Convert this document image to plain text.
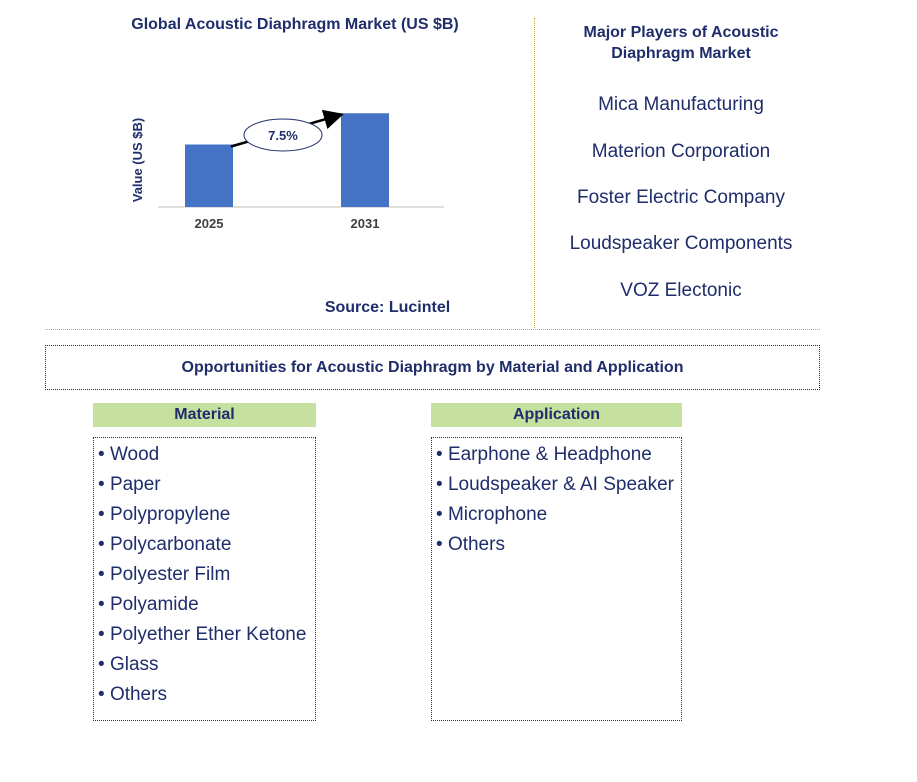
Global Acoustic Diaphragm Market (US $B)
Value (US $B)
2025	2031
7.5%
Source: Lucintel
Major Players of Acoustic Diaphragm Market
Mica Manufacturing
Materion Corporation
Foster Electric Company
Loudspeaker Components
VOZ Electonic
Opportunities for Acoustic Diaphragm by Material and Application
Material	Application
• Wood
• Paper
• Polypropylene
• Polycarbonate
• Polyester Film
• Polyamide
• Polyether Ether Ketone
• Glass
• Others
• Earphone & Headphone
• Loudspeaker & AI Speaker
• Microphone
• Others
